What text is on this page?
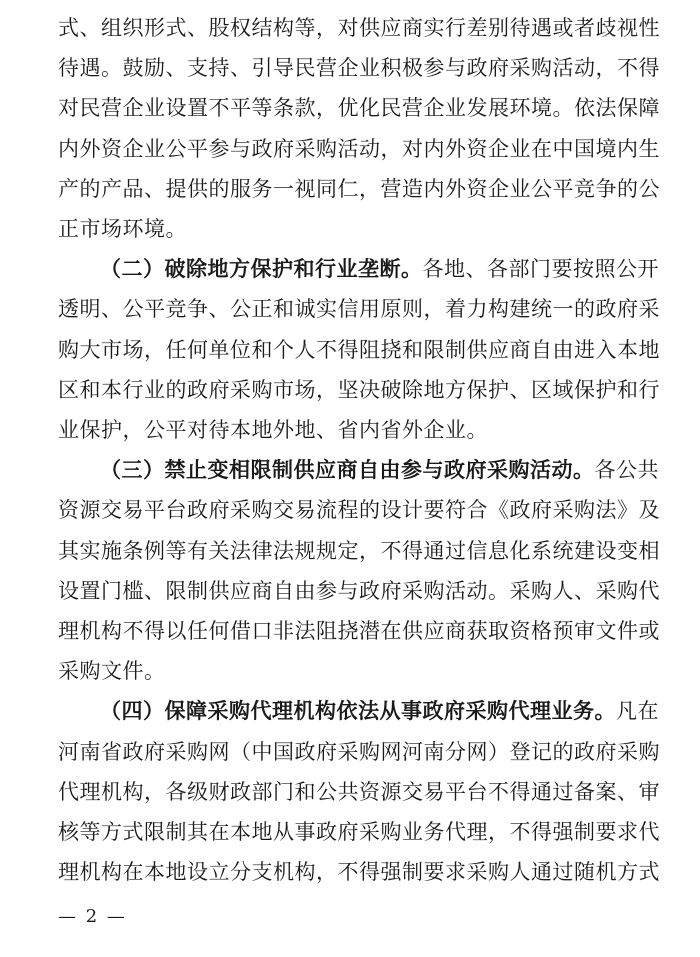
式、组织形式、股权结构等，对供应商实行差别待遇或者歧视性
待遇。鼓励、支持、引导民营企业积极参与政府采购活动，不得
对民营企业设置不平等条款，优化民营企业发展环境。依法保障
内外资企业公平参与政府采购活动，对内外资企业在中国境内生
产的产品、提供的服务一视同仁，营造内外资企业公平竞争的公
正市场环境。
（二）破除地方保护和行业垄断。各地、各部门要按照公开
透明、公平竞争、公正和诚实信用原则，着力构建统一的政府采
购大市场，任何单位和个人不得阻挠和限制供应商自由进入本地
区和本行业的政府采购市场，坚决破除地方保护、区域保护和行
业保护，公平对待本地外地、省内省外企业。
（三）禁止变相限制供应商自由参与政府采购活动。各公共
资源交易平台政府采购交易流程的设计要符合《政府采购法》及
其实施条例等有关法律法规规定，不得通过信息化系统建设变相
设置门槛、限制供应商自由参与政府采购活动。采购人、采购代
理机构不得以任何借口非法阻挠潜在供应商获取资格预审文件或
采购文件。
（四）保障采购代理机构依法从事政府采购代理业务。凡在
河南省政府采购网（中国政府采购网河南分网）登记的政府采购
代理机构，各级财政部门和公共资源交易平台不得通过备案、审
核等方式限制其在本地从事政府采购业务代理，不得强制要求代
— 2 —
理机构在本地设立分支机构，不得强制要求采购人通过随机方式
